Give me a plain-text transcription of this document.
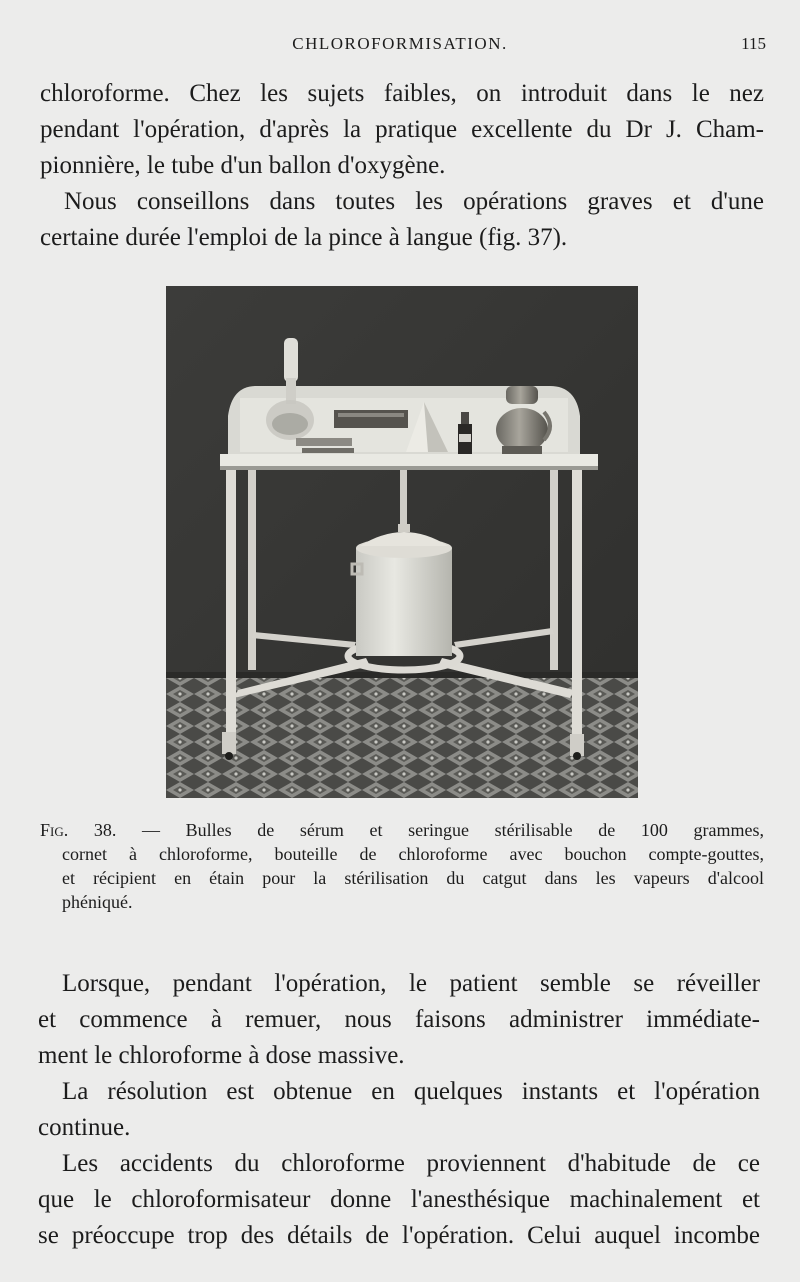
CHLOROFORMISATION.	115

chloroforme. Chez les sujets faibles, on introduit dans le nez
pendant l'opération, d'après la pratique excellente du Dr J. Cham-
pionnière, le tube d'un ballon d'oxygène.

Nous conseillons dans toutes les opérations graves et d'une
certaine durée l'emploi de la pince à langue (fig. 37).

Fig. 38. — Bulles de sérum et seringue stérilisable de 100 grammes,
cornet à chloroforme, bouteille de chloroforme avec bouchon compte-gouttes,
et récipient en étain pour la stérilisation du catgut dans les vapeurs d'alcool
phéniqué.

Lorsque, pendant l'opération, le patient semble se réveiller
et commence à remuer, nous faisons administrer immédiate-
ment le chloroforme à dose massive.

La résolution est obtenue en quelques instants et l'opération
continue.

Les accidents du chloroforme proviennent d'habitude de ce
que le chloroformisateur donne l'anesthésique machinalement et
se préoccupe trop des détails de l'opération. Celui auquel incombe
